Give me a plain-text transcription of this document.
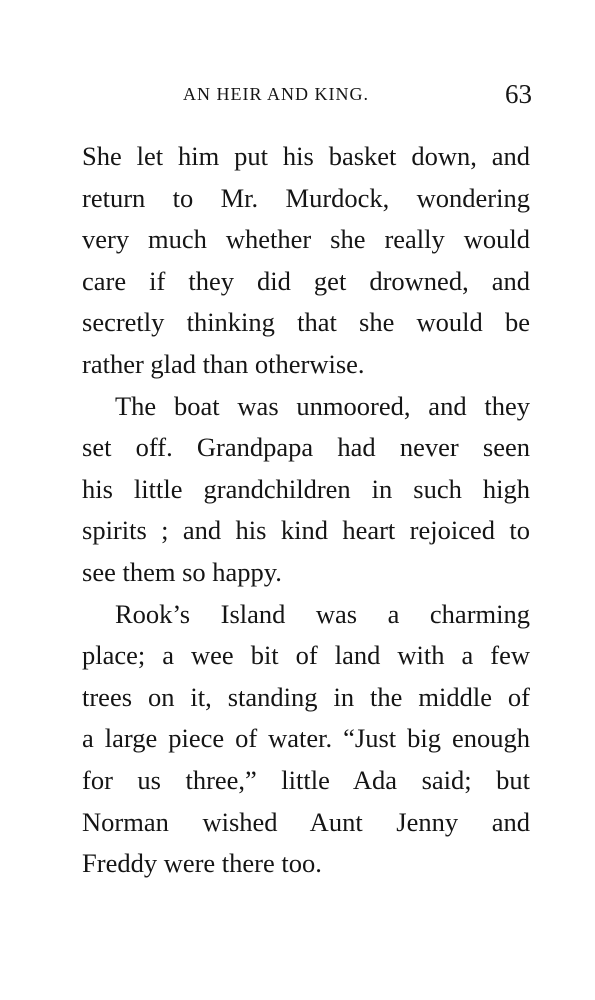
AN HEIR AND KING.	63
She let him put his basket down, and
return to Mr. Murdock, wondering
very much whether she really would
care if they did get drowned, and
secretly thinking that she would be
rather glad than otherwise.
The boat was unmoored, and they
set off. Grandpapa had never seen
his little grandchildren in such high
spirits ; and his kind heart rejoiced to
see them so happy.
Rook’s Island was a charming
place; a wee bit of land with a few
trees on it, standing in the middle of
a large piece of water. “Just big enough
for us three,” little Ada said; but
Norman wished Aunt Jenny and
Freddy were there too.
